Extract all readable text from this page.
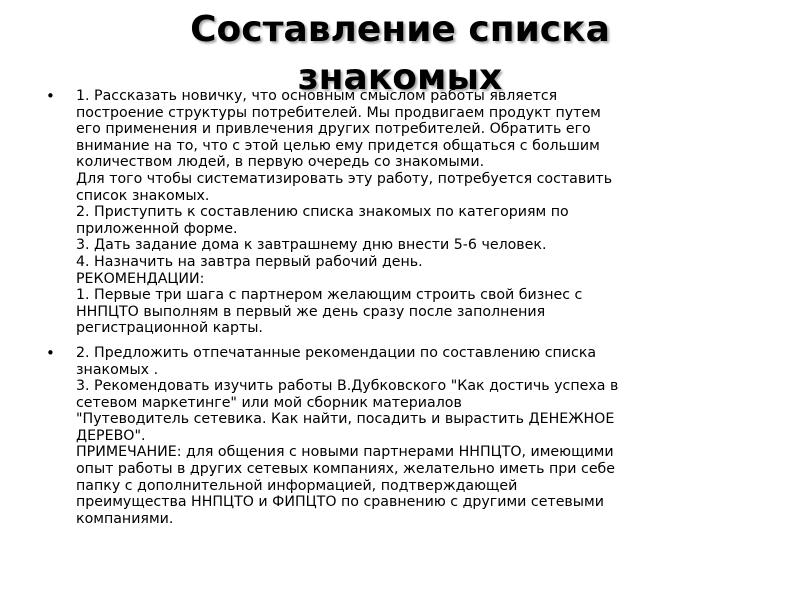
Составление списка
знакомых
• 1. Рассказать новичку, что основным смыслом работы является
построение структуры потребителей. Мы продвигаем продукт путем
его применения и привлечения других потребителей. Обратить его
внимание на то, что с этой целью ему придется общаться с большим
количеством людей, в первую очередь со знакомыми.
Для того чтобы систематизировать эту работу, потребуется составить
список знакомых.
2. Приступить к составлению списка знакомых по категориям по
приложенной форме.
3. Дать задание дома к завтрашнему дню внести 5-6 человек.
4. Назначить на завтра первый рабочий день.
РЕКОМЕНДАЦИИ:
1. Первые три шага с партнером желающим строить свой бизнес с
ННПЦТО выполням в первый же день сразу после заполнения
регистрационной карты.
• 2. Предложить отпечатанные рекомендации по составлению списка
знакомых .
3. Рекомендовать изучить работы В.Дубковского "Как достичь успеха в
сетевом маркетинге" или мой сборник материалов
"Путеводитель сетевика. Как найти, посадить и вырастить ДЕНЕЖНОЕ
ДЕРЕВО".
ПРИМЕЧАНИЕ: для общения с новыми партнерами ННПЦТО, имеющими
опыт работы в других сетевых компаниях, желательно иметь при себе
папку с дополнительной информацией, подтверждающей
преимущества ННПЦТО и ФИПЦТО по сравнению с другими сетевыми
компаниями.
